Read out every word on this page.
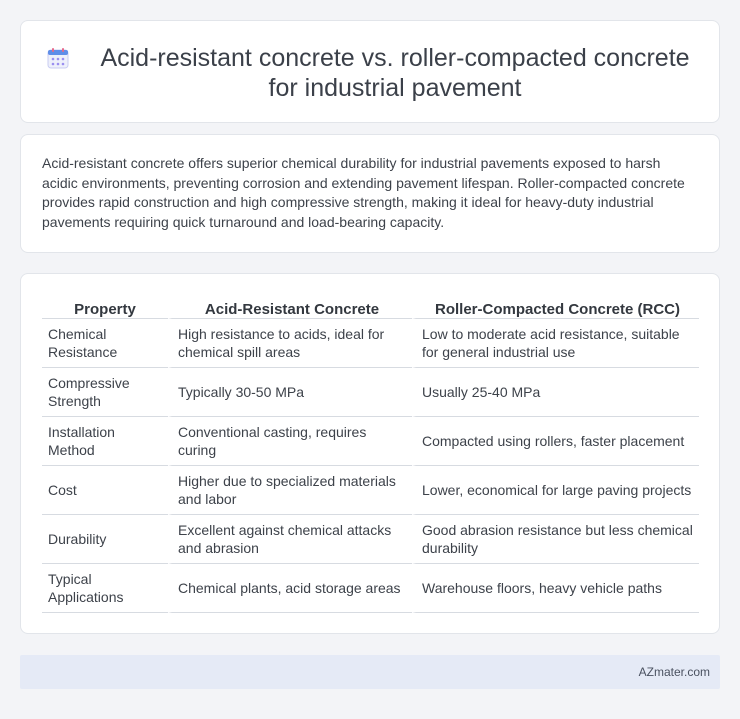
Acid-resistant concrete vs. roller-compacted concrete for industrial pavement

Acid-resistant concrete offers superior chemical durability for industrial pavements exposed to harsh acidic environments, preventing corrosion and extending pavement lifespan. Roller-compacted concrete provides rapid construction and high compressive strength, making it ideal for heavy-duty industrial pavements requiring quick turnaround and load-bearing capacity.

Property	Acid-Resistant Concrete	Roller-Compacted Concrete (RCC)
Chemical Resistance	High resistance to acids, ideal for chemical spill areas	Low to moderate acid resistance, suitable for general industrial use
Compressive Strength	Typically 30-50 MPa	Usually 25-40 MPa
Installation Method	Conventional casting, requires curing	Compacted using rollers, faster placement
Cost	Higher due to specialized materials and labor	Lower, economical for large paving projects
Durability	Excellent against chemical attacks and abrasion	Good abrasion resistance but less chemical durability
Typical Applications	Chemical plants, acid storage areas	Warehouse floors, heavy vehicle paths
AZmater.com
